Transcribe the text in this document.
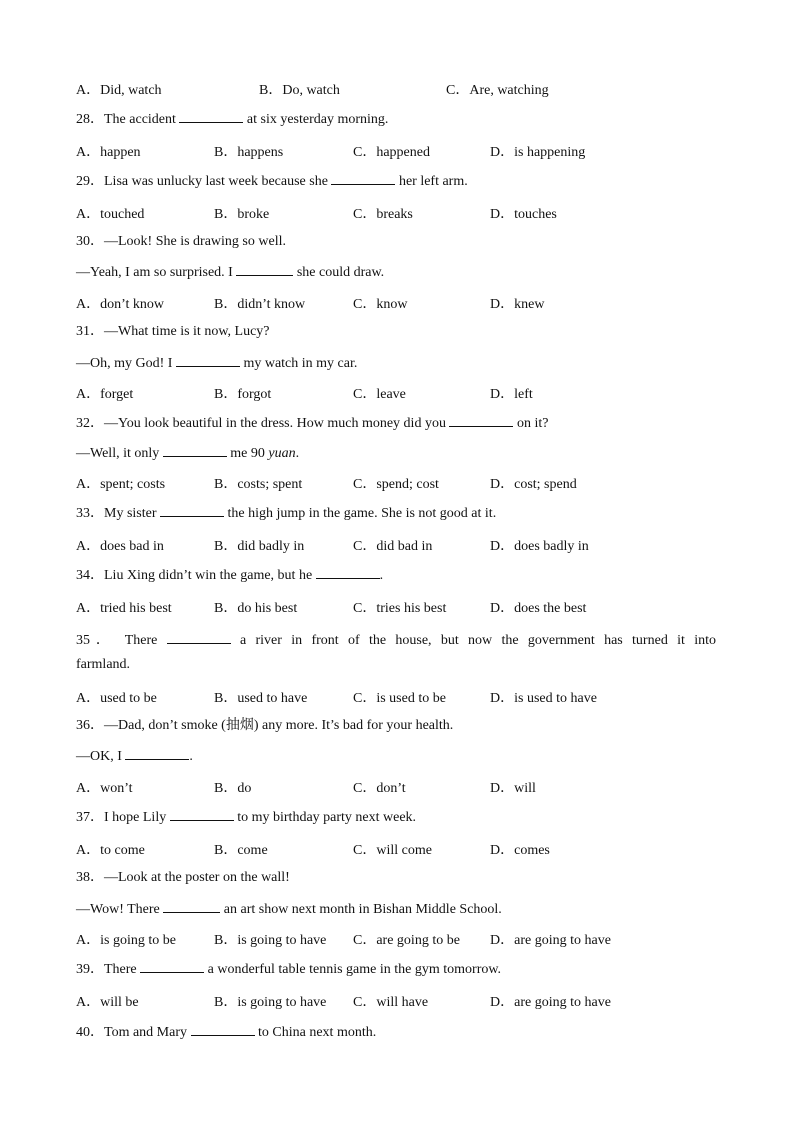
A．Did, watch	B．Do, watch	C．Are, watching
28．The accident	at six yesterday morning.
A．happen	B．happens	C．happened	D．is happening
29．Lisa was unlucky last week because she	her left arm.
A．touched	B．broke	C．breaks	D．touches
30．—Look! She is drawing so well.
—Yeah, I am so surprised. I	she could draw.
A．don’t know	B．didn’t know	C．know	D．knew
31．—What time is it now, Lucy?
—Oh, my God! I	my watch in my car.
A．forget	B．forgot	C．leave	D．left
32．—You look beautiful in the dress. How much money did you	on it?
—Well, it only	me 90 yuan.
A．spent; costs	B．costs; spent	C．spend; cost	D．cost; spend
33．My sister	the high jump in the game. She is not good at it.
A．does bad in	B．did badly in	C．did bad in	D．does badly in
34．Liu Xing didn’t win the game, but he	.
A．tried his best	B．do his best	C．tries his best	D．does the best
35． There	a river in front of the house, but now the government has turned it into
farmland.
A．used to be	B．used to have	C．is used to be	D．is used to have
36．—Dad, don’t smoke (抽烟) any more. It’s bad for your health.
—OK, I	.
A．won’t	B．do	C．don’t	D．will
37．I hope Lily	to my birthday party next week.
A．to come	B．come	C．will come	D．comes
38．—Look at the poster on the wall!
—Wow! There	an art show next month in Bishan Middle School.
A．is going to be	B．is going to have C．are going to be D．are going to have
39．There	a wonderful table tennis game in the gym tomorrow.
A．will be	B．is going to have C．will have	D．are going to have
40．Tom and Mary	to China next month.
